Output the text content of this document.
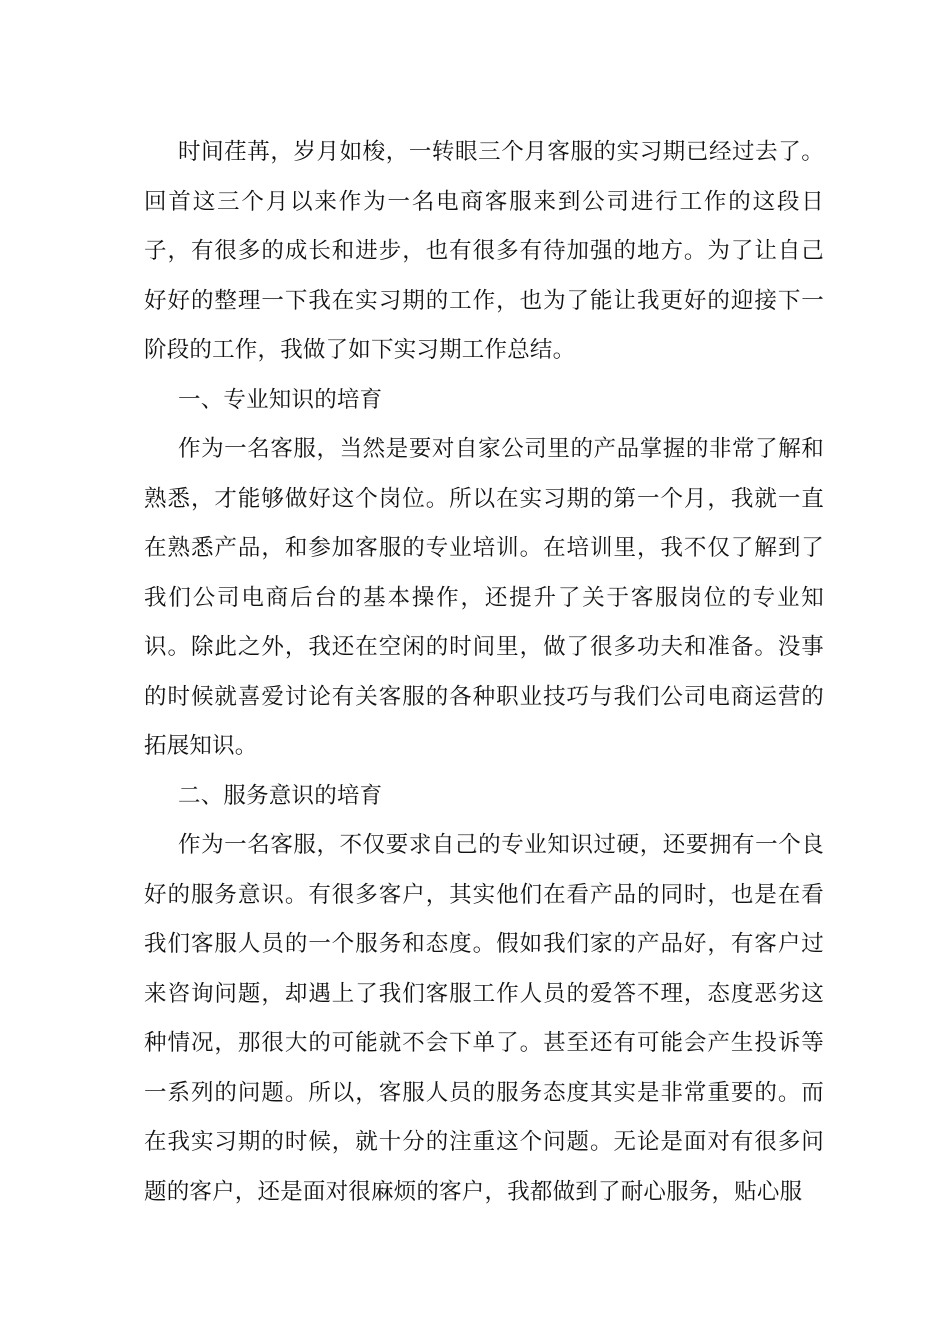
时间荏苒，岁月如梭，一转眼三个月客服的实习期已经过去了。回首这三个月以来作为一名电商客服来到公司进行工作的这段日子，有很多的成长和进步，也有很多有待加强的地方。为了让自己好好的整理一下我在实习期的工作，也为了能让我更好的迎接下一阶段的工作，我做了如下实习期工作总结。

一、专业知识的培育

作为一名客服，当然是要对自家公司里的产品掌握的非常了解和熟悉，才能够做好这个岗位。所以在实习期的第一个月，我就一直在熟悉产品，和参加客服的专业培训。在培训里，我不仅了解到了我们公司电商后台的基本操作，还提升了关于客服岗位的专业知识。除此之外，我还在空闲的时间里，做了很多功夫和准备。没事的时候就喜爱讨论有关客服的各种职业技巧与我们公司电商运营的拓展知识。

二、服务意识的培育

作为一名客服，不仅要求自己的专业知识过硬，还要拥有一个良好的服务意识。有很多客户，其实他们在看产品的同时，也是在看我们客服人员的一个服务和态度。假如我们家的产品好，有客户过来咨询问题，却遇上了我们客服工作人员的爱答不理，态度恶劣这种情况，那很大的可能就不会下单了。甚至还有可能会产生投诉等一系列的问题。所以，客服人员的服务态度其实是非常重要的。而在我实习期的时候，就十分的注重这个问题。无论是面对有很多问题的客户，还是面对很麻烦的客户，我都做到了耐心服务，贴心服
